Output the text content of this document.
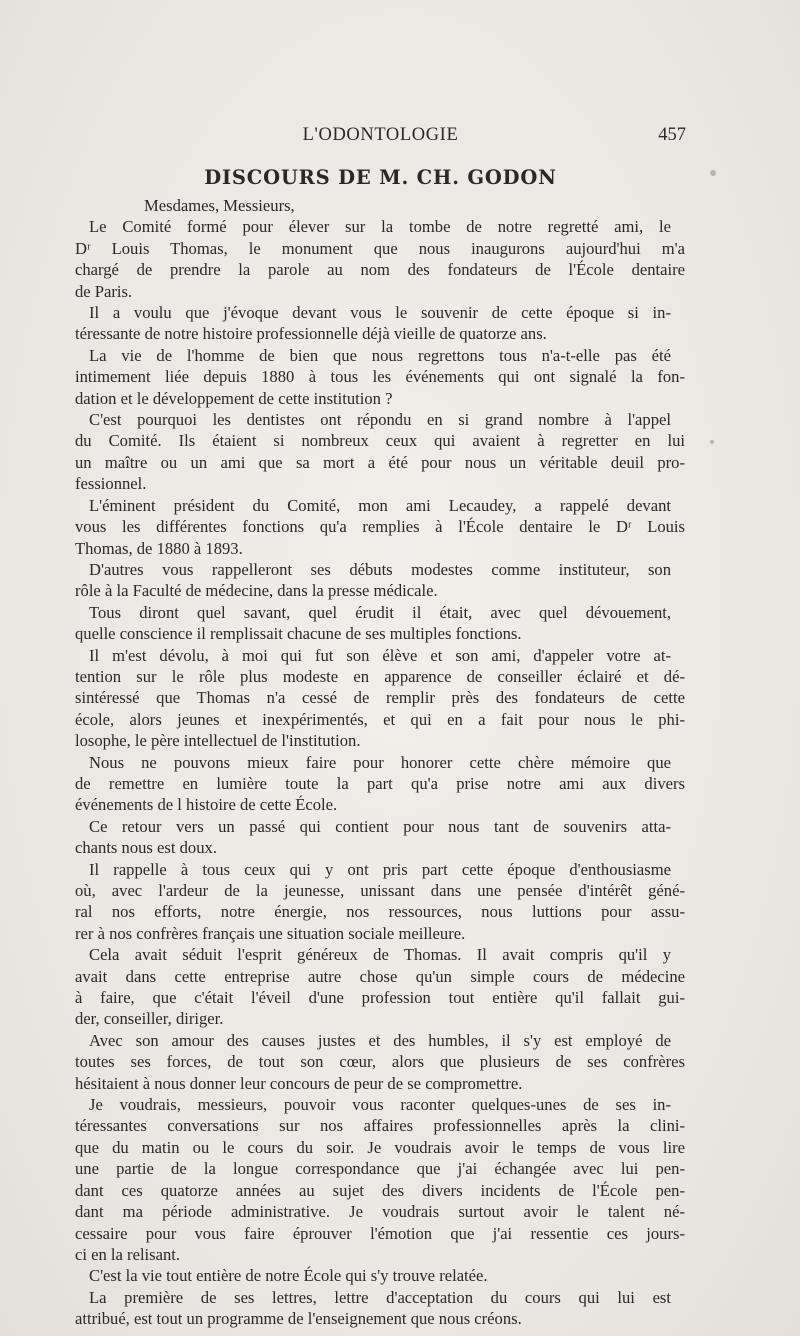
L'ODONTOLOGIE	457
DISCOURS DE M. CH. GODON
Mesdames, Messieurs,
Le Comité formé pour élever sur la tombe de notre regretté ami, le
Dʳ Louis Thomas, le monument que nous inaugurons aujourd'hui m'a
chargé de prendre la parole au nom des fondateurs de l'École dentaire
de Paris.
Il a voulu que j'évoque devant vous le souvenir de cette époque si in-
téressante de notre histoire professionnelle déjà vieille de quatorze ans.
La vie de l'homme de bien que nous regrettons tous n'a-t-elle pas été
intimement liée depuis 1880 à tous les événements qui ont signalé la fon-
dation et le développement de cette institution ?
C'est pourquoi les dentistes ont répondu en si grand nombre à l'appel
du Comité. Ils étaient si nombreux ceux qui avaient à regretter en lui
un maître ou un ami que sa mort a été pour nous un véritable deuil pro-
fessionnel.
L'éminent président du Comité, mon ami Lecaudey, a rappelé devant
vous les différentes fonctions qu'a remplies à l'École dentaire le Dʳ Louis
Thomas, de 1880 à 1893.
D'autres vous rappelleront ses débuts modestes comme instituteur, son
rôle à la Faculté de médecine, dans la presse médicale.
Tous diront quel savant, quel érudit il était, avec quel dévouement,
quelle conscience il remplissait chacune de ses multiples fonctions.
Il m'est dévolu, à moi qui fut son élève et son ami, d'appeler votre at-
tention sur le rôle plus modeste en apparence de conseiller éclairé et dé-
sintéressé que Thomas n'a cessé de remplir près des fondateurs de cette
école, alors jeunes et inexpérimentés, et qui en a fait pour nous le phi-
losophe, le père intellectuel de l'institution.
Nous ne pouvons mieux faire pour honorer cette chère mémoire que
de remettre en lumière toute la part qu'a prise notre ami aux divers
événements de l histoire de cette École.
Ce retour vers un passé qui contient pour nous tant de souvenirs atta-
chants nous est doux.
Il rappelle à tous ceux qui y ont pris part cette époque d'enthousiasme
où, avec l'ardeur de la jeunesse, unissant dans une pensée d'intérêt géné-
ral nos efforts, notre énergie, nos ressources, nous luttions pour assu-
rer à nos confrères français une situation sociale meilleure.
Cela avait séduit l'esprit généreux de Thomas. Il avait compris qu'il y
avait dans cette entreprise autre chose qu'un simple cours de médecine
à faire, que c'était l'éveil d'une profession tout entière qu'il fallait gui-
der, conseiller, diriger.
Avec son amour des causes justes et des humbles, il s'y est employé de
toutes ses forces, de tout son cœur, alors que plusieurs de ses confrères
hésitaient à nous donner leur concours de peur de se compromettre.
Je voudrais, messieurs, pouvoir vous raconter quelques-unes de ses in-
téressantes conversations sur nos affaires professionnelles après la clini-
que du matin ou le cours du soir. Je voudrais avoir le temps de vous lire
une partie de la longue correspondance que j'ai échangée avec lui pen-
dant ces quatorze années au sujet des divers incidents de l'École pen-
dant ma période administrative. Je voudrais surtout avoir le talent né-
cessaire pour vous faire éprouver l'émotion que j'ai ressentie ces jours-
ci en la relisant.
C'est la vie tout entière de notre École qui s'y trouve relatée.
La première de ses lettres, lettre d'acceptation du cours qui lui est
attribué, est tout un programme de l'enseignement que nous créons.
